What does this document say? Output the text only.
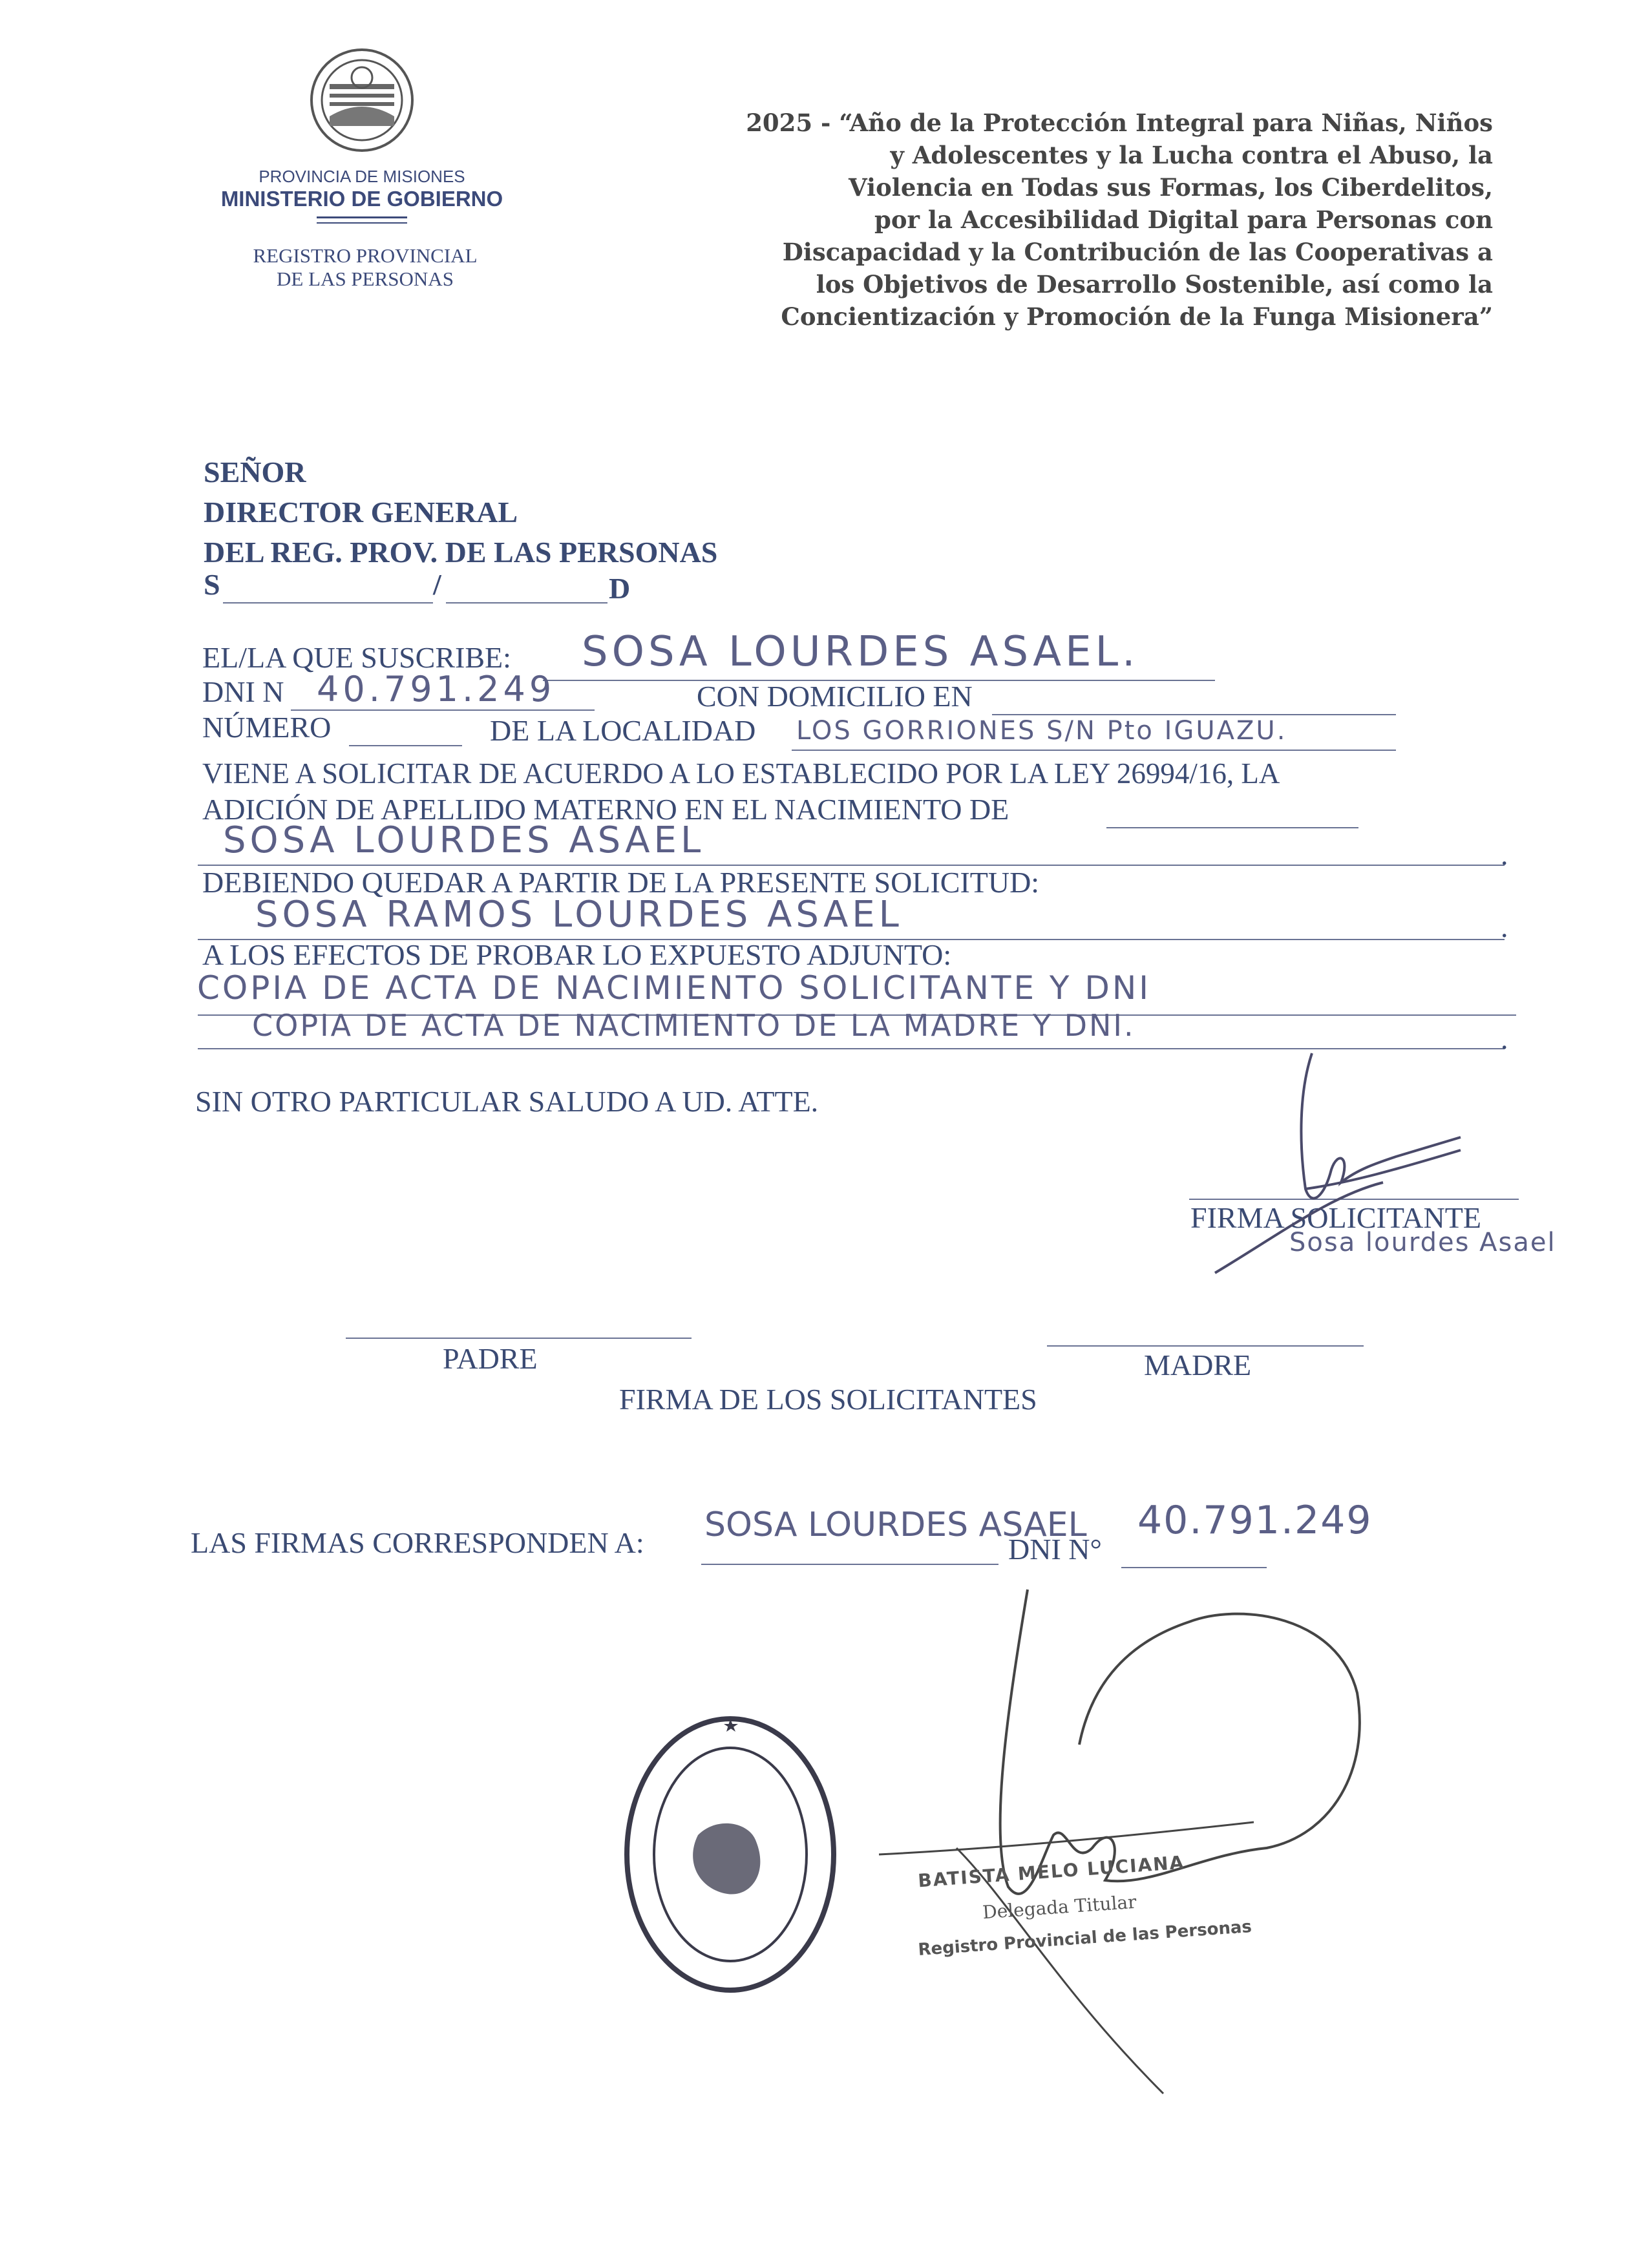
PROVINCIA DE MISIONES
MINISTERIO DE GOBIERNO
REGISTRO PROVINCIAL
DE LAS PERSONAS
2025 - “Año de la Protección Integral para Niñas, Niños
y Adolescentes y la Lucha contra el Abuso, la
Violencia en Todas sus Formas, los Ciberdelitos,
por la Accesibilidad Digital para Personas con
Discapacidad y la Contribución de las Cooperativas a
los Objetivos de Desarrollo Sostenible, así como la
Concientización y Promoción de la Funga Misionera”
SEÑOR
DIRECTOR GENERAL
DEL REG. PROV. DE LAS PERSONAS
S	/	D
EL/LA QUE SUSCRIBE: SOSA LOURDES ASAEL.
DNI N 40.791.249	CON DOMICILIO EN
NÚMERO	DE LA LOCALIDAD LOS GORRIONES S/N Pto IGUAZU.
VIENE A SOLICITAR DE ACUERDO A LO ESTABLECIDO POR LA LEY 26994/16, LA
ADICIÓN DE APELLIDO MATERNO EN EL NACIMIENTO DE
SOSA LOURDES ASAEL	.
DEBIENDO QUEDAR A PARTIR DE LA PRESENTE SOLICITUD:
SOSA RAMOS LOURDES ASAEL	.
A LOS EFECTOS DE PROBAR LO EXPUESTO ADJUNTO:
COPIA DE ACTA DE NACIMIENTO SOLICITANTE Y DNI
COPIA DE ACTA DE NACIMIENTO DE LA MADRE Y DNI.	.
SIN OTRO PARTICULAR SALUDO A UD. ATTE.
FIRMA SOLICITANTE
Sosa lourdes Asael
PADRE	MADRE
FIRMA DE LOS SOLICITANTES
LAS FIRMAS CORRESPONDEN A: SOSA LOURDES ASAEL
DNI N°
40.791.249
BATISTA MELO LUCIANA
Delegada Titular
Registro Provincial de las Personas
